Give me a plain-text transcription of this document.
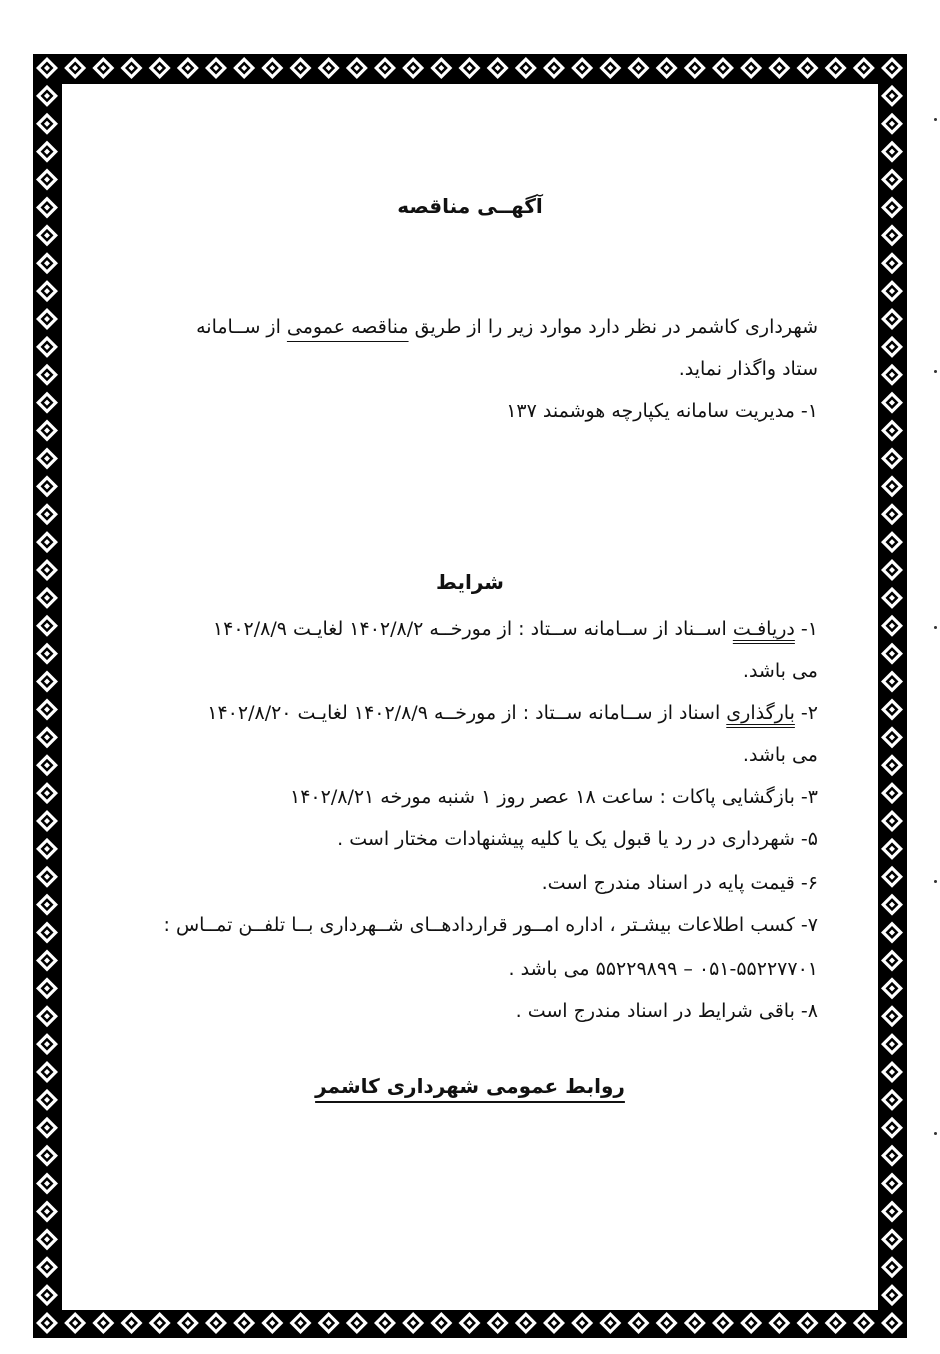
آگهــی مناقصه
شهرداری کاشمر در نظر دارد موارد زیر را از طریق مناقصه عمومی از ســامانه
ستاد واگذار نماید.
۱- مدیریت سامانه یکپارچه هوشمند ۱۳۷
شرایط
۱- دریافـت اســناد از ســامانه ســتاد : از مورخــه ۱۴۰۲/۸/۲ لغایـت ۱۴۰۲/۸/۹
می باشد.
۲- بارگذاری اسناد از ســامانه ســتاد : از مورخــه ۱۴۰۲/۸/۹ لغایـت ۱۴۰۲/۸/۲۰
می باشد.
۳- بازگشایی پاکات : ساعت ۱۸ عصر روز ۱ شنبه مورخه ۱۴۰۲/۸/۲۱
۵- شهرداری در رد یا قبول یک یا کلیه پیشنهادات مختار است .
۶- قیمت پایه در اسناد مندرج است.
۷- کسب اطلاعات بیشـتر ، اداره امــور قراردادهــای شــهرداری بــا تلفــن تمــاس :
۰۵۱-۵۵۲۲۷۷۰۱ – ۵۵۲۲۹۸۹۹ می باشد .
۸- باقی شرایط در اسناد مندرج است .
روابط عمومی شهرداری کاشمر
